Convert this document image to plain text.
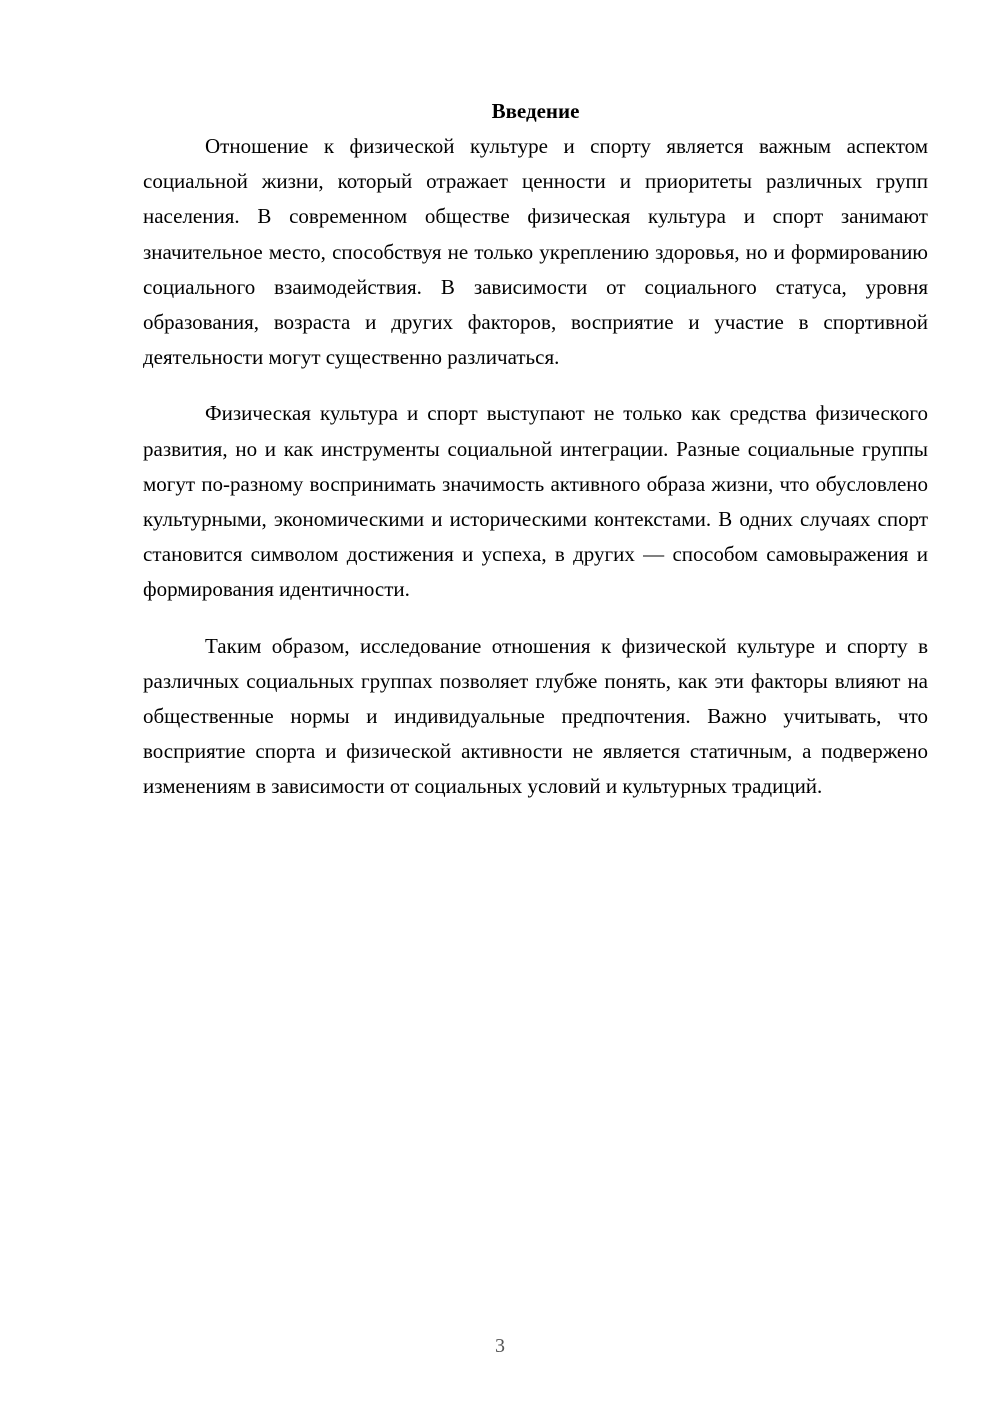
Введение

Отношение к физической культуре и спорту является важным аспектом социальной жизни, который отражает ценности и приоритеты различных групп населения. В современном обществе физическая культура и спорт занимают значительное место, способствуя не только укреплению здоровья, но и формированию социального взаимодействия. В зависимости от социального статуса, уровня образования, возраста и других факторов, восприятие и участие в спортивной деятельности могут существенно различаться.

Физическая культура и спорт выступают не только как средства физического развития, но и как инструменты социальной интеграции. Разные социальные группы могут по-разному воспринимать значимость активного образа жизни, что обусловлено культурными, экономическими и историческими контекстами. В одних случаях спорт становится символом достижения и успеха, в других — способом самовыражения и формирования идентичности.

Таким образом, исследование отношения к физической культуре и спорту в различных социальных группах позволяет глубже понять, как эти факторы влияют на общественные нормы и индивидуальные предпочтения. Важно учитывать, что восприятие спорта и физической активности не является статичным, а подвержено изменениям в зависимости от социальных условий и культурных традиций.

3
